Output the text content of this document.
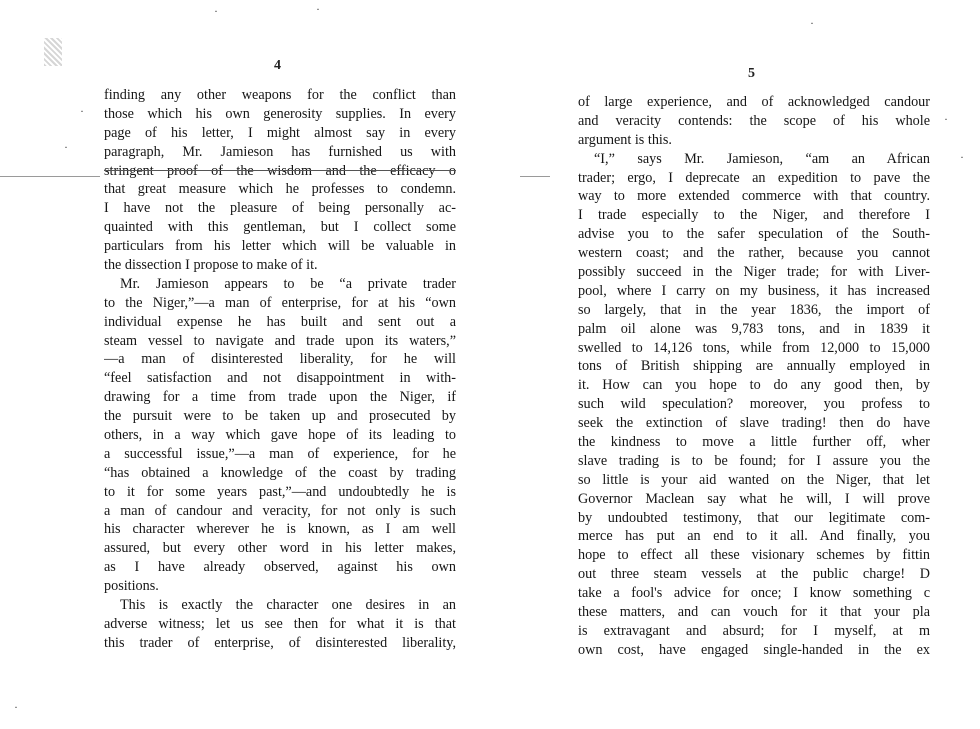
4
finding any other weapons for the conflict than
those which his own generosity supplies. In every
page of his letter, I might almost say in every
paragraph, Mr. Jamieson has furnished us with
stringent proof of the wisdom and the efficacy o
that great measure which he professes to condemn.
I have not the pleasure of being personally ac-
quainted with this gentleman, but I collect some
particulars from his letter which will be valuable in
the dissection I propose to make of it.
Mr. Jamieson appears to be “a private trader
to the Niger,”—a man of enterprise, for at his “own
individual expense he has built and sent out a
steam vessel to navigate and trade upon its waters,”
—a man of disinterested liberality, for he will
“feel satisfaction and not disappointment in with-
drawing for a time from trade upon the Niger, if
the pursuit were to be taken up and prosecuted by
others, in a way which gave hope of its leading to
a successful issue,”—a man of experience, for he
“has obtained a knowledge of the coast by trading
to it for some years past,”—and undoubtedly he is
a man of candour and veracity, for not only is such
his character wherever he is known, as I am well
assured, but every other word in his letter makes,
as I have already observed, against his own
positions.
This is exactly the character one desires in an
adverse witness; let us see then for what it is that
this trader of enterprise, of disinterested liberality,
5
of large experience, and of acknowledged candour
and veracity contends: the scope of his whole
argument is this.
“I,” says Mr. Jamieson, “am an African
trader; ergo, I deprecate an expedition to pave the
way to more extended commerce with that country.
I trade especially to the Niger, and therefore I
advise you to the safer speculation of the South-
western coast; and the rather, because you cannot
possibly succeed in the Niger trade; for with Liver-
pool, where I carry on my business, it has increased
so largely, that in the year 1836, the import of
palm oil alone was 9,783 tons, and in 1839 it
swelled to 14,126 tons, while from 12,000 to 15,000
tons of British shipping are annually employed in
it. How can you hope to do any good then, by
such wild speculation? moreover, you profess to
seek the extinction of slave trading! then do have
the kindness to move a little further off, wher
slave trading is to be found; for I assure you the
so little is your aid wanted on the Niger, that let
Governor Maclean say what he will, I will prove
by undoubted testimony, that our legitimate com-
merce has put an end to it all. And finally, you
hope to effect all these visionary schemes by fittin
out three steam vessels at the public charge! D
take a fool's advice for once; I know something c
these matters, and can vouch for it that your pla
is extravagant and absurd; for I myself, at m
own cost, have engaged single-handed in the ex
·	·
·
·
·
·
·
·
